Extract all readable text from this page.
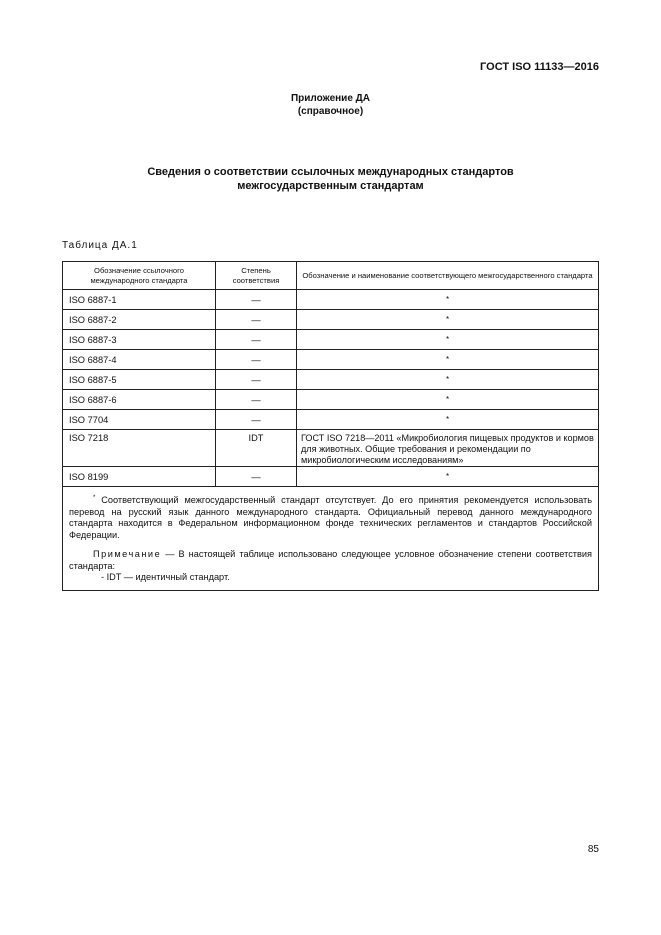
ГОСТ ISO 11133—2016
Приложение ДА
(справочное)
Сведения о соответствии ссылочных международных стандартов
межгосударственным стандартам
Таблица ДА.1
Обозначение ссылочного международного стандарта	Степень соответствия	Обозначение и наименование соответствующего межгосударственного стандарта
ISO 6887-1	—	*
ISO 6887-2	—	*
ISO 6887-3	—	*
ISO 6887-4	—	*
ISO 6887-5	—	*
ISO 6887-6	—	*
ISO 7704	—	*
ISO 7218	IDT	ГОСТ ISO 7218—2011 «Микробиология пищевых продуктов и кормов для животных. Общие требования и рекомендации по микробиологическим исследованиям»
ISO 8199	—	*

* Соответствующий межгосударственный стандарт отсутствует. До его принятия рекомендуется использовать перевод на русский язык данного международного стандарта. Официальный перевод данного международного стандарта находится в Федеральном информационном фонде технических регламентов и стандартов Российской Федерации.

Примечание — В настоящей таблице использовано следующее условное обозначение степени соответствия стандарта:

- IDT — идентичный стандарт.		
85
